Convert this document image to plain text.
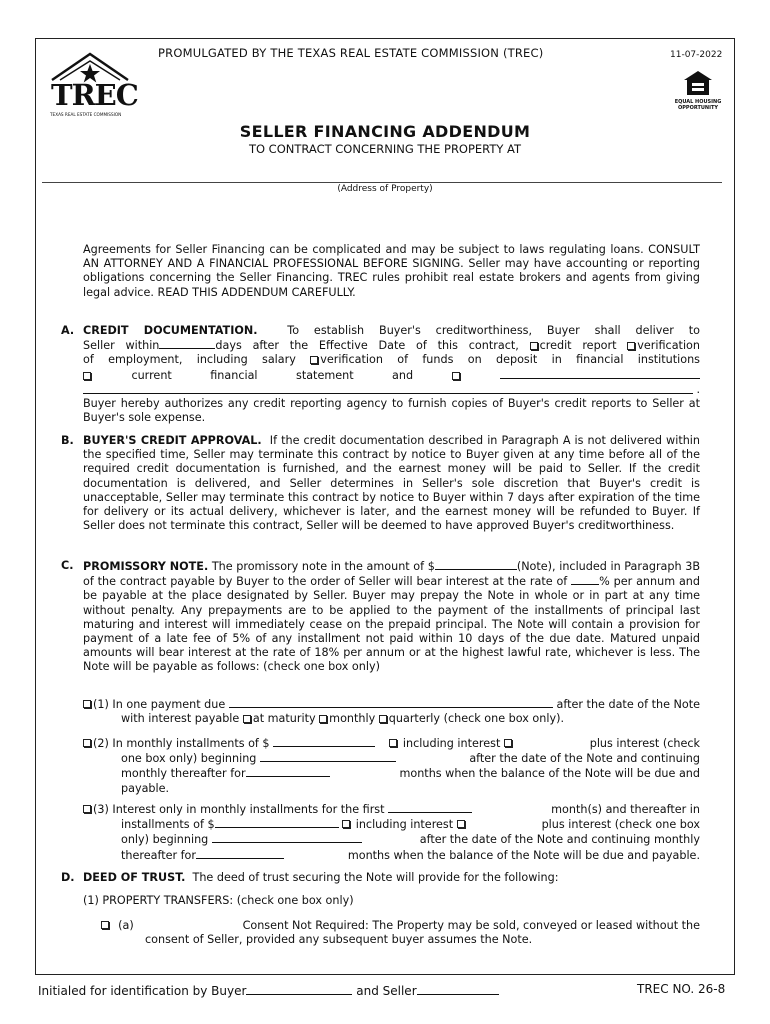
TREC
TEXAS REAL ESTATE COMMISSION
PROMULGATED BY THE TEXAS REAL ESTATE COMMISSION (TREC)	11-07-2022
EQUAL HOUSING OPPORTUNITY
SELLER FINANCING ADDENDUM
TO CONTRACT CONCERNING THE PROPERTY AT
(Address of Property)
Agreements for Seller Financing can be complicated and may be subject to laws regulating loans. CONSULT AN ATTORNEY AND A FINANCIAL PROFESSIONAL BEFORE SIGNING. Seller may have accounting or reporting obligations concerning the Seller Financing. TREC rules prohibit real estate brokers and agents from giving legal advice. READ THIS ADDENDUM CAREFULLY.
A. CREDIT DOCUMENTATION.	To establish Buyer's creditworthiness, Buyer shall deliver to
Seller within	days after the Effective Date of this contract, credit report verification
of employment, including salary verification of funds on deposit in financial institutions
current	financial	statement	and
.
Buyer hereby authorizes any credit reporting agency to furnish copies of Buyer's credit reports to Seller at Buyer's sole expense.
B. BUYER'S CREDIT APPROVAL. If the credit documentation described in Paragraph A is not delivered within the specified time, Seller may terminate this contract by notice to Buyer given at any time before all of the required credit documentation is furnished, and the earnest money will be paid to Seller. If the credit documentation is delivered, and Seller determines in Seller's sole discretion that Buyer's credit is unacceptable, Seller may terminate this contract by notice to Buyer within 7 days after expiration of the time for delivery or its actual delivery, whichever is later, and the earnest money will be refunded to Buyer. If Seller does not terminate this contract, Seller will be deemed to have approved Buyer's creditworthiness.
C. PROMISSORY NOTE. The promissory note in the amount of $	(Note), included in Paragraph 3B of the contract payable by Buyer to the order of Seller will bear interest at the rate of	% per annum and be payable at the place designated by Seller. Buyer may prepay the Note in whole or in part at any time without penalty. Any prepayments are to be applied to the payment of the installments of principal last maturing and interest will immediately cease on the prepaid principal. The Note will contain a provision for payment of a late fee of 5% of any installment not paid within 10 days of the due date. Matured unpaid amounts will bear interest at the rate of 18% per annum or at the highest lawful rate, whichever is less. The Note will be payable as follows: (check one box only)
(1)
In one payment due

	after the date of the Note
with interest payable at maturity monthly quarterly (check one box only).
(2)
In monthly installments of $

	including interest
	plus interest (check
one box only) beginning

	after the date of the Note and continuing
monthly thereafter for
	months when the balance of the Note will be due and
payable.
(3)
Interest only in monthly installments for the first

	month(s) and thereafter in
installments of $

	including interest
	plus interest (check one box
only) beginning

	after the date of the Note and continuing monthly
thereafter for
	months when the balance of the Note will be due and payable.
D. DEED OF TRUST. The deed of trust securing the Note will provide for the following:
(1) PROPERTY TRANSFERS: (check one box only)

(a)
	Consent Not Required: The Property may be sold, conveyed or leased without the
consent of Seller, provided any subsequent buyer assumes the Note.
Initialed for identification by Buyer	and Seller	TREC NO. 26-8
